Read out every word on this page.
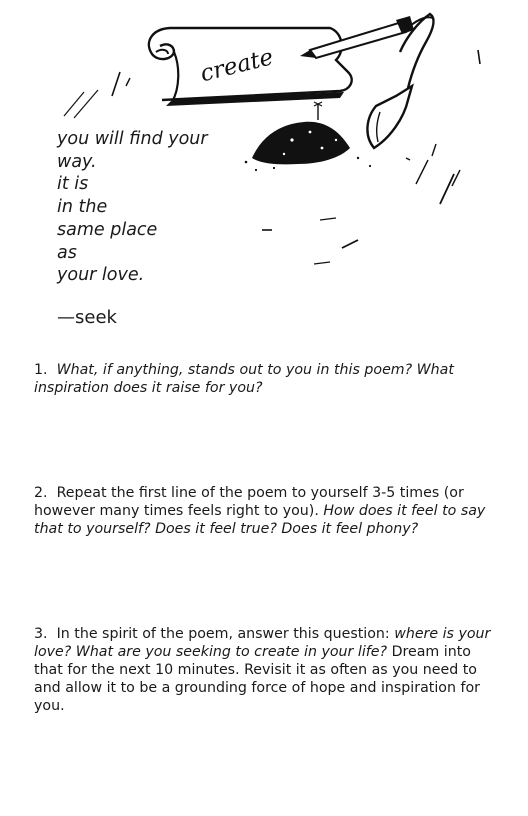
create
you will find your
way.
it is
in the
same place
as
your love.
—seek
1. What, if anything, stands out to you in this poem? What inspiration does it raise for you?
2. Repeat the first line of the poem to yourself 3-5 times (or however many times feels right to you). How does it feel to say that to yourself? Does it feel true? Does it feel phony?
3. In the spirit of the poem, answer this question: where is your love? What are you seeking to create in your life? Dream into that for the next 10 minutes. Revisit it as often as you need to and allow it to be a grounding force of hope and inspiration for you.
